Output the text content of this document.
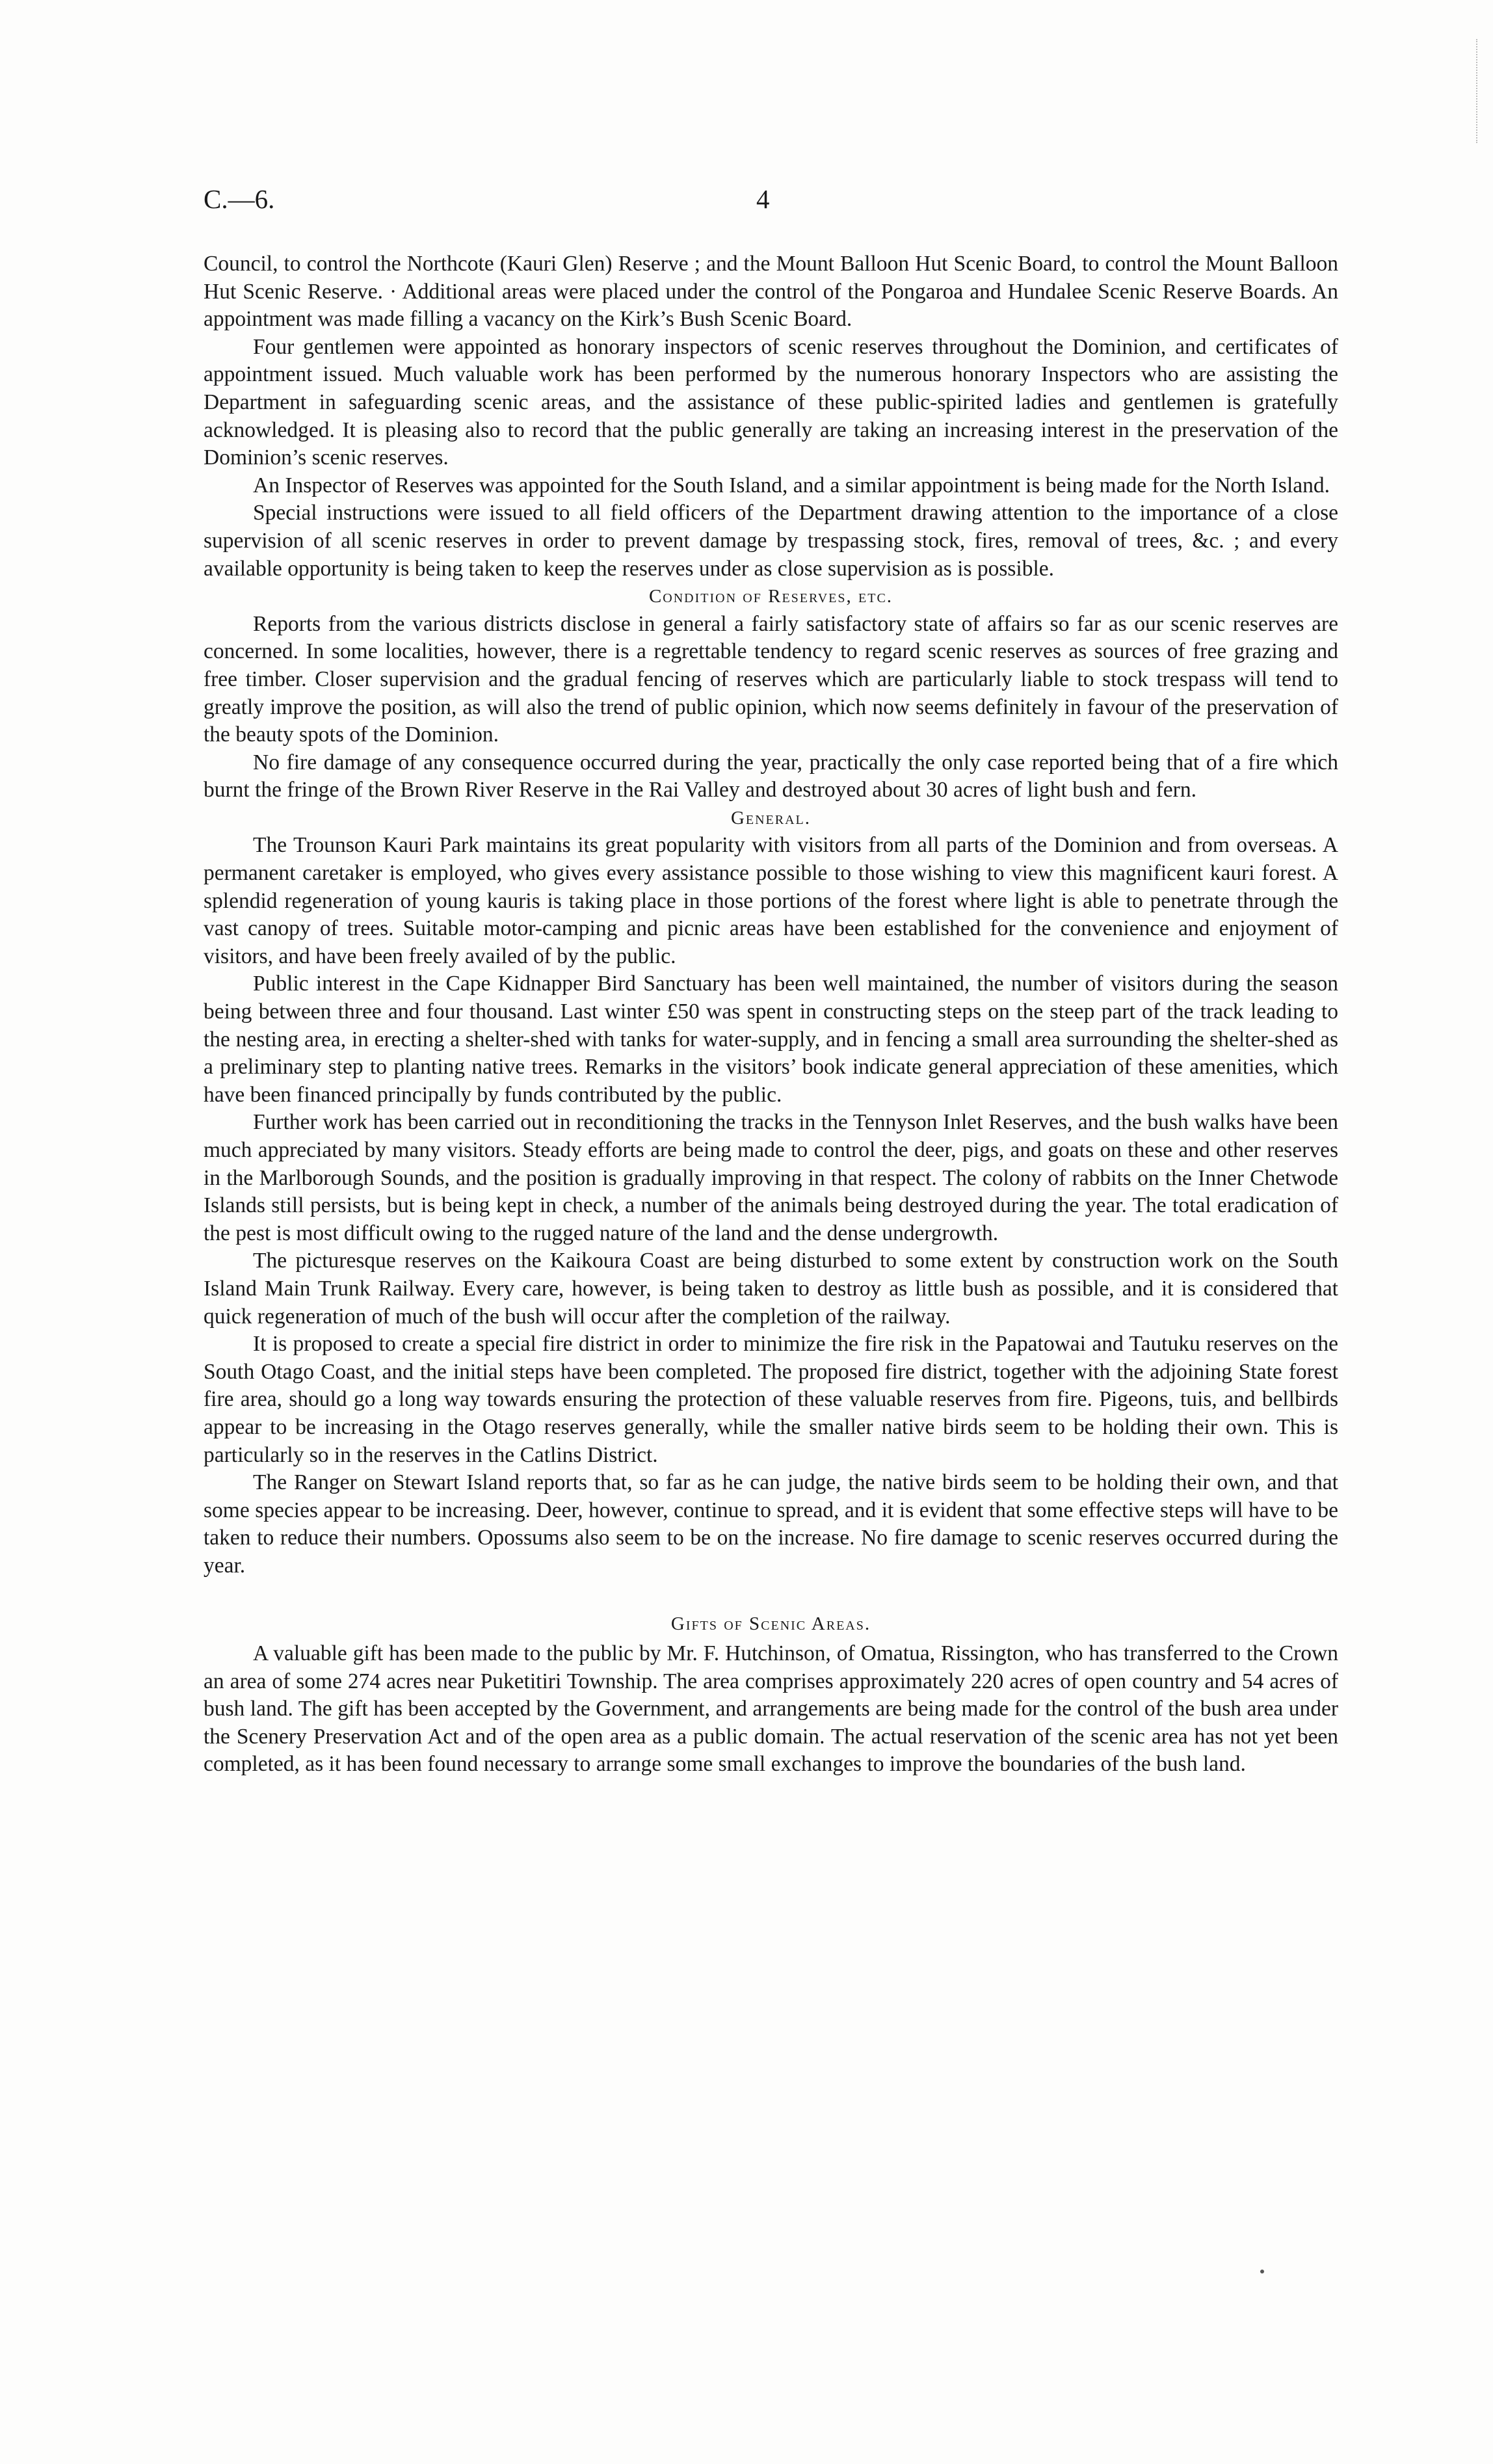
C.—6.	4

Council, to control the Northcote (Kauri Glen) Reserve ; and the Mount Balloon Hut Scenic Board, to control the Mount Balloon Hut Scenic Reserve. · Additional areas were placed under the control of the Pongaroa and Hundalee Scenic Reserve Boards. An appointment was made filling a vacancy on the Kirk’s Bush Scenic Board.

Four gentlemen were appointed as honorary inspectors of scenic reserves throughout the Dominion, and certificates of appointment issued. Much valuable work has been performed by the numerous honorary Inspectors who are assisting the Department in safeguarding scenic areas, and the assistance of these public-spirited ladies and gentlemen is gratefully acknowledged. It is pleasing also to record that the public generally are taking an increasing interest in the preservation of the Dominion’s scenic reserves.

An Inspector of Reserves was appointed for the South Island, and a similar appointment is being made for the North Island.

Special instructions were issued to all field officers of the Department drawing attention to the importance of a close supervision of all scenic reserves in order to prevent damage by trespassing stock, fires, removal of trees, &c. ; and every available opportunity is being taken to keep the reserves under as close supervision as is possible.

Condition of Reserves, etc.

Reports from the various districts disclose in general a fairly satisfactory state of affairs so far as our scenic reserves are concerned. In some localities, however, there is a regrettable tendency to regard scenic reserves as sources of free grazing and free timber. Closer supervision and the gradual fencing of reserves which are particularly liable to stock trespass will tend to greatly improve the position, as will also the trend of public opinion, which now seems definitely in favour of the preservation of the beauty spots of the Dominion.

No fire damage of any consequence occurred during the year, practically the only case reported being that of a fire which burnt the fringe of the Brown River Reserve in the Rai Valley and destroyed about 30 acres of light bush and fern.

General.

The Trounson Kauri Park maintains its great popularity with visitors from all parts of the Dominion and from overseas. A permanent caretaker is employed, who gives every assistance possible to those wishing to view this magnificent kauri forest. A splendid regeneration of young kauris is taking place in those portions of the forest where light is able to penetrate through the vast canopy of trees. Suitable motor-camping and picnic areas have been established for the convenience and enjoyment of visitors, and have been freely availed of by the public.

Public interest in the Cape Kidnapper Bird Sanctuary has been well maintained, the number of visitors during the season being between three and four thousand. Last winter £50 was spent in constructing steps on the steep part of the track leading to the nesting area, in erecting a shelter-shed with tanks for water-supply, and in fencing a small area surrounding the shelter-shed as a preliminary step to planting native trees. Remarks in the visitors’ book indicate general appreciation of these amenities, which have been financed principally by funds contributed by the public.

Further work has been carried out in reconditioning the tracks in the Tennyson Inlet Reserves, and the bush walks have been much appreciated by many visitors. Steady efforts are being made to control the deer, pigs, and goats on these and other reserves in the Marlborough Sounds, and the position is gradually improving in that respect. The colony of rabbits on the Inner Chetwode Islands still persists, but is being kept in check, a number of the animals being destroyed during the year. The total eradication of the pest is most difficult owing to the rugged nature of the land and the dense undergrowth.

The picturesque reserves on the Kaikoura Coast are being disturbed to some extent by construction work on the South Island Main Trunk Railway. Every care, however, is being taken to destroy as little bush as possible, and it is considered that quick regeneration of much of the bush will occur after the completion of the railway.

It is proposed to create a special fire district in order to minimize the fire risk in the Papatowai and Tautuku reserves on the South Otago Coast, and the initial steps have been completed. The proposed fire district, together with the adjoining State forest fire area, should go a long way towards ensuring the protection of these valuable reserves from fire. Pigeons, tuis, and bellbirds appear to be increasing in the Otago reserves generally, while the smaller native birds seem to be holding their own. This is particularly so in the reserves in the Catlins District.

The Ranger on Stewart Island reports that, so far as he can judge, the native birds seem to be holding their own, and that some species appear to be increasing. Deer, however, continue to spread, and it is evident that some effective steps will have to be taken to reduce their numbers. Opossums also seem to be on the increase. No fire damage to scenic reserves occurred during the year.

Gifts of Scenic Areas.

A valuable gift has been made to the public by Mr. F. Hutchinson, of Omatua, Rissington, who has transferred to the Crown an area of some 274 acres near Puketitiri Township. The area comprises approximately 220 acres of open country and 54 acres of bush land. The gift has been accepted by the Government, and arrangements are being made for the control of the bush area under the Scenery Preservation Act and of the open area as a public domain. The actual reservation of the scenic area has not yet been completed, as it has been found necessary to arrange some small exchanges to improve the boundaries of the bush land.
